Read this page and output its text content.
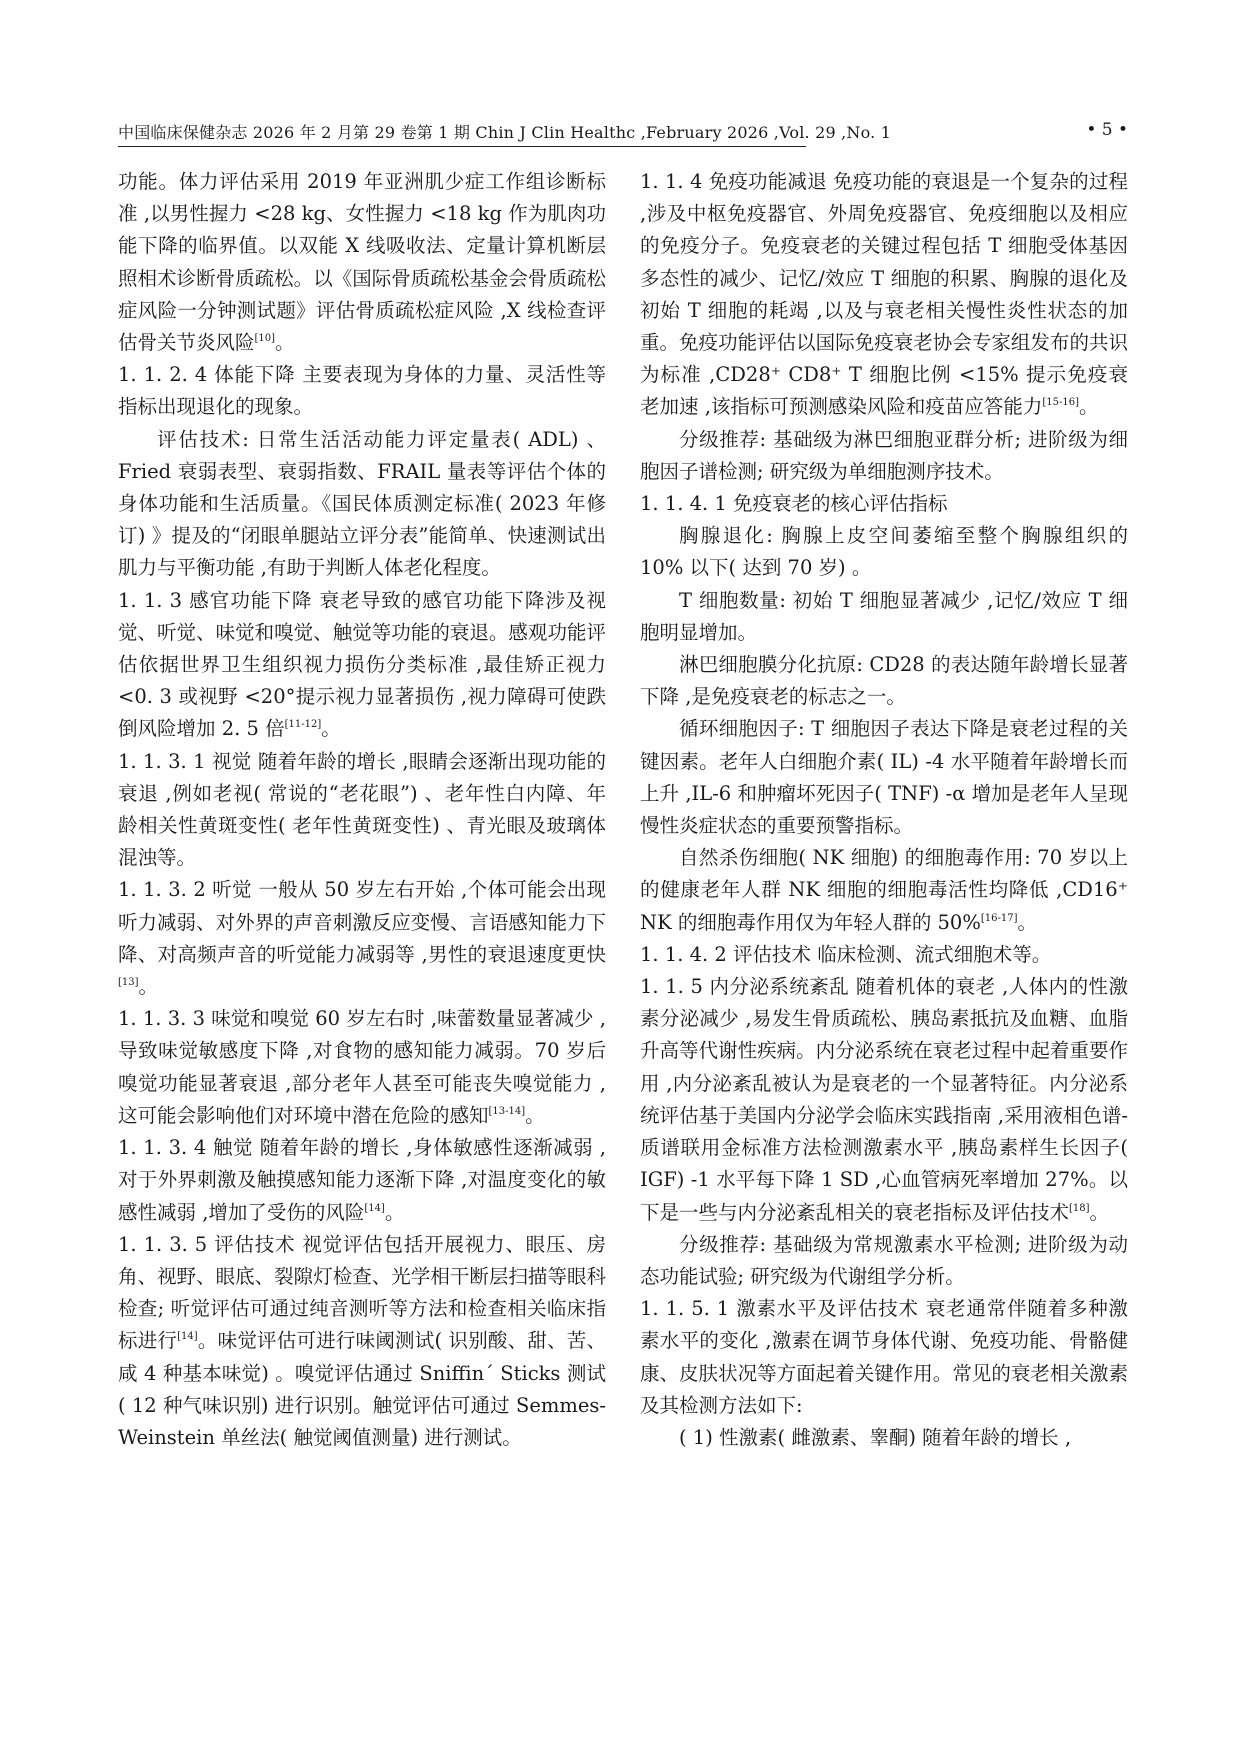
中国临床保健杂志 2026 年 2 月第 29 卷第 1 期 Chin J Clin Healthc ,February 2026 ,Vol. 29 ,No. 1	• 5 •

功能。体力评估采用 2019 年亚洲肌少症工作组诊断标准 ,以男性握力 <28 kg、女性握力 <18 kg 作为肌肉功能下降的临界值。以双能 X 线吸收法、定量计算机断层照相术诊断骨质疏松。以《国际骨质疏松基金会骨质疏松症风险一分钟测试题》评估骨质疏松症风险 ,X 线检查评估骨关节炎风险[10]。

1. 1. 2. 4 体能下降 主要表现为身体的力量、灵活性等指标出现退化的现象。

评估技术: 日常生活活动能力评定量表( ADL) 、Fried 衰弱表型、衰弱指数、FRAIL 量表等评估个体的身体功能和生活质量。《国民体质测定标准( 2023 年修订) 》提及的“闭眼单腿站立评分表”能简单、快速测试出肌力与平衡功能 ,有助于判断人体老化程度。

1. 1. 3 感官功能下降 衰老导致的感官功能下降涉及视觉、听觉、味觉和嗅觉、触觉等功能的衰退。感观功能评估依据世界卫生组织视力损伤分类标准 ,最佳矫正视力 <0. 3 或视野 <20°提示视力显著损伤 ,视力障碍可使跌倒风险增加 2. 5 倍[11-12]。

1. 1. 3. 1 视觉 随着年龄的增长 ,眼睛会逐渐出现功能的衰退 ,例如老视( 常说的“老花眼”) 、老年性白内障、年龄相关性黄斑变性( 老年性黄斑变性) 、青光眼及玻璃体混浊等。

1. 1. 3. 2 听觉 一般从 50 岁左右开始 ,个体可能会出现听力减弱、对外界的声音刺激反应变慢、言语感知能力下降、对高频声音的听觉能力减弱等 ,男性的衰退速度更快[13]。

1. 1. 3. 3 味觉和嗅觉 60 岁左右时 ,味蕾数量显著减少 ,导致味觉敏感度下降 ,对食物的感知能力减弱。70 岁后嗅觉功能显著衰退 ,部分老年人甚至可能丧失嗅觉能力 ,这可能会影响他们对环境中潜在危险的感知[13-14]。

1. 1. 3. 4 触觉 随着年龄的增长 ,身体敏感性逐渐减弱 ,对于外界刺激及触摸感知能力逐渐下降 ,对温度变化的敏感性减弱 ,增加了受伤的风险[14]。

1. 1. 3. 5 评估技术 视觉评估包括开展视力、眼压、房角、视野、眼底、裂隙灯检查、光学相干断层扫描等眼科检查; 听觉评估可通过纯音测听等方法和检查相关临床指标进行[14]。味觉评估可进行味阈测试( 识别酸、甜、苦、咸 4 种基本味觉) 。嗅觉评估通过 Sniffin´ Sticks 测试( 12 种气味识别) 进行识别。触觉评估可通过 Semmes-Weinstein 单丝法( 触觉阈值测量) 进行测试。

1. 1. 4 免疫功能减退 免疫功能的衰退是一个复杂的过程 ,涉及中枢免疫器官、外周免疫器官、免疫细胞以及相应的免疫分子。免疫衰老的关键过程包括 T 细胞受体基因多态性的减少、记忆/效应 T 细胞的积累、胸腺的退化及初始 T 细胞的耗竭 ,以及与衰老相关慢性炎性状态的加重。免疫功能评估以国际免疫衰老协会专家组发布的共识为标准 ,CD28⁺ CD8⁺ T 细胞比例 <15% 提示免疫衰老加速 ,该指标可预测感染风险和疫苗应答能力[15-16]。

分级推荐: 基础级为淋巴细胞亚群分析; 进阶级为细胞因子谱检测; 研究级为单细胞测序技术。

1. 1. 4. 1 免疫衰老的核心评估指标

胸腺退化: 胸腺上皮空间萎缩至整个胸腺组织的 10% 以下( 达到 70 岁) 。

T 细胞数量: 初始 T 细胞显著减少 ,记忆/效应 T 细胞明显增加。

淋巴细胞膜分化抗原: CD28 的表达随年龄增长显著下降 ,是免疫衰老的标志之一。

循环细胞因子: T 细胞因子表达下降是衰老过程的关键因素。老年人白细胞介素( IL) -4 水平随着年龄增长而上升 ,IL-6 和肿瘤坏死因子( TNF) -α 增加是老年人呈现慢性炎症状态的重要预警指标。

自然杀伤细胞( NK 细胞) 的细胞毒作用: 70 岁以上的健康老年人群 NK 细胞的细胞毒活性均降低 ,CD16⁺ NK 的细胞毒作用仅为年轻人群的 50%[16-17]。

1. 1. 4. 2 评估技术 临床检测、流式细胞术等。

1. 1. 5 内分泌系统紊乱 随着机体的衰老 ,人体内的性激素分泌减少 ,易发生骨质疏松、胰岛素抵抗及血糖、血脂升高等代谢性疾病。内分泌系统在衰老过程中起着重要作用 ,内分泌紊乱被认为是衰老的一个显著特征。内分泌系统评估基于美国内分泌学会临床实践指南 ,采用液相色谱-质谱联用金标准方法检测激素水平 ,胰岛素样生长因子( IGF) -1 水平每下降 1 SD ,心血管病死率增加 27%。以下是一些与内分泌紊乱相关的衰老指标及评估技术[18]。

分级推荐: 基础级为常规激素水平检测; 进阶级为动态功能试验; 研究级为代谢组学分析。

1. 1. 5. 1 激素水平及评估技术 衰老通常伴随着多种激素水平的变化 ,激素在调节身体代谢、免疫功能、骨骼健康、皮肤状况等方面起着关键作用。常见的衰老相关激素及其检测方法如下:

( 1) 性激素( 雌激素、睾酮) 随着年龄的增长 ,
